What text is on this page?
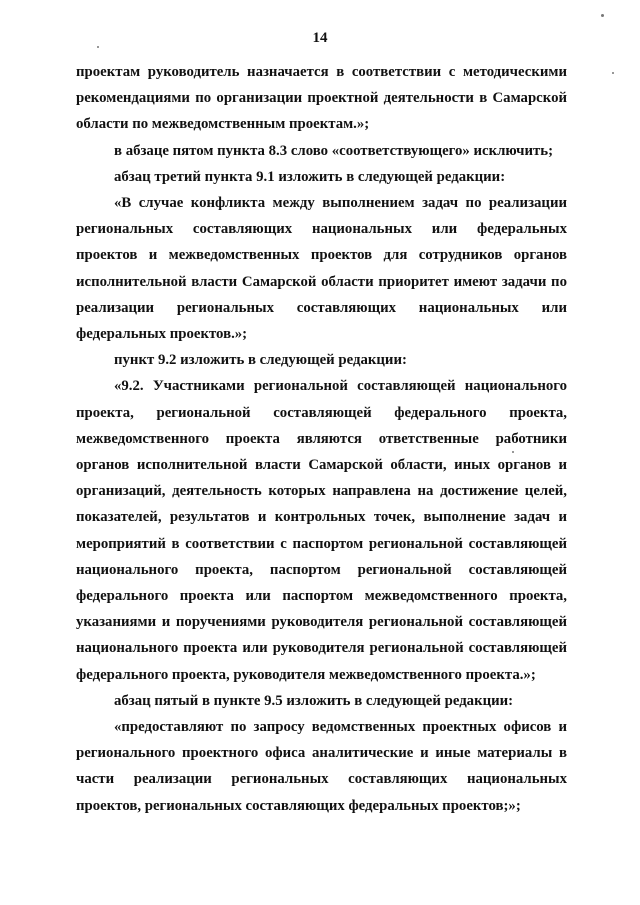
14

проектам руководитель назначается в соответствии с методическими рекомендациями по организации проектной деятельности в Самарской области по межведомственным проектам.»;

в абзаце пятом пункта 8.3 слово «соответствующего» исключить;

абзац третий пункта 9.1 изложить в следующей редакции:

«В случае конфликта между выполнением задач по реализации региональных составляющих национальных или федеральных проектов и межведомственных проектов для сотрудников органов исполнительной власти Самарской области приоритет имеют задачи по реализации региональных составляющих национальных или федеральных проектов.»;

пункт 9.2 изложить в следующей редакции:

«9.2. Участниками региональной составляющей национального проекта, региональной составляющей федерального проекта, межведомственного проекта являются ответственные работники органов исполнительной власти Самарской области, иных органов и организаций, деятельность которых направлена на достижение целей, показателей, результатов и контрольных точек, выполнение задач и мероприятий в соответствии с паспортом региональной составляющей национального проекта, паспортом региональной составляющей федерального проекта или паспортом межведомственного проекта, указаниями и поручениями руководителя региональной составляющей национального проекта или руководителя региональной составляющей федерального проекта, руководителя межведомственного проекта.»;

абзац пятый в пункте 9.5 изложить в следующей редакции:

«предоставляют по запросу ведомственных проектных офисов и регионального проектного офиса аналитические и иные материалы в части реализации региональных составляющих национальных проектов, региональных составляющих федеральных проектов;»;
